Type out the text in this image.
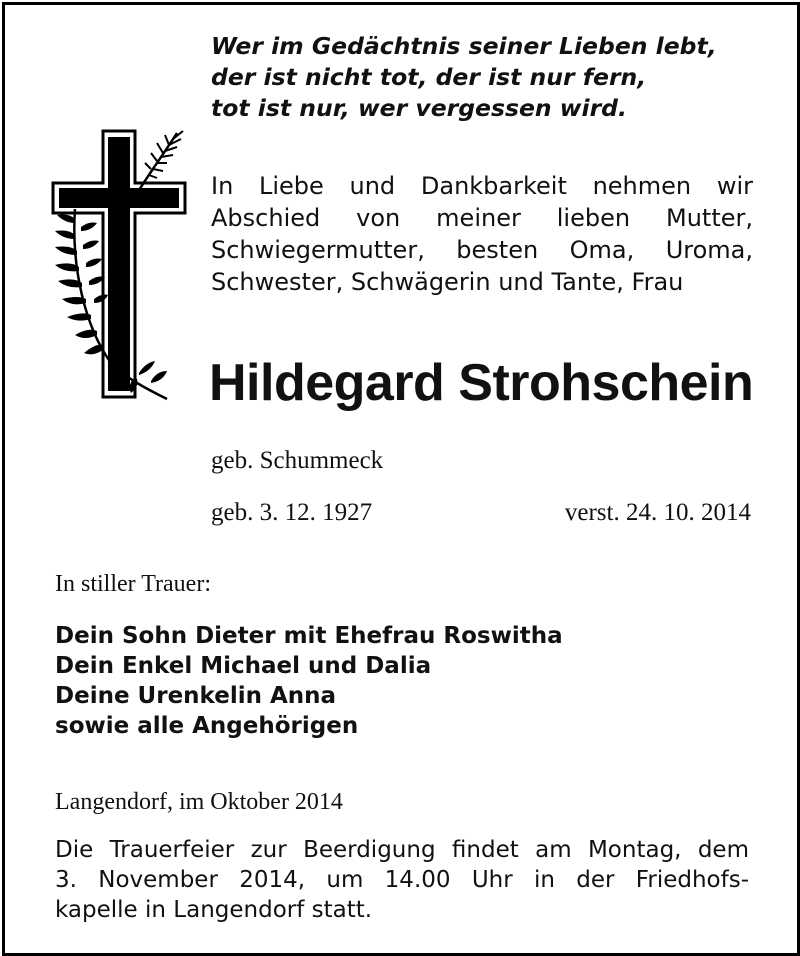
Wer im Gedächtnis seiner Lieben lebt,
der ist nicht tot, der ist nur fern,
tot ist nur, wer vergessen wird.
In Liebe und Dankbarkeit nehmen wir
Abschied von meiner lieben Mutter,
Schwiegermutter, besten Oma, Uroma,
Schwester, Schwägerin und Tante, Frau
Hildegard Strohschein
geb. Schummeck
geb. 3. 12. 1927	verst. 24. 10. 2014
In stiller Trauer:
Dein Sohn Dieter mit Ehefrau Roswitha
Dein Enkel Michael und Dalia
Deine Urenkelin Anna
sowie alle Angehörigen
Langendorf, im Oktober 2014
Die Trauerfeier zur Beerdigung findet am Montag, dem
3. November 2014, um 14.00 Uhr in der Friedhofs-
kapelle in Langendorf statt.
